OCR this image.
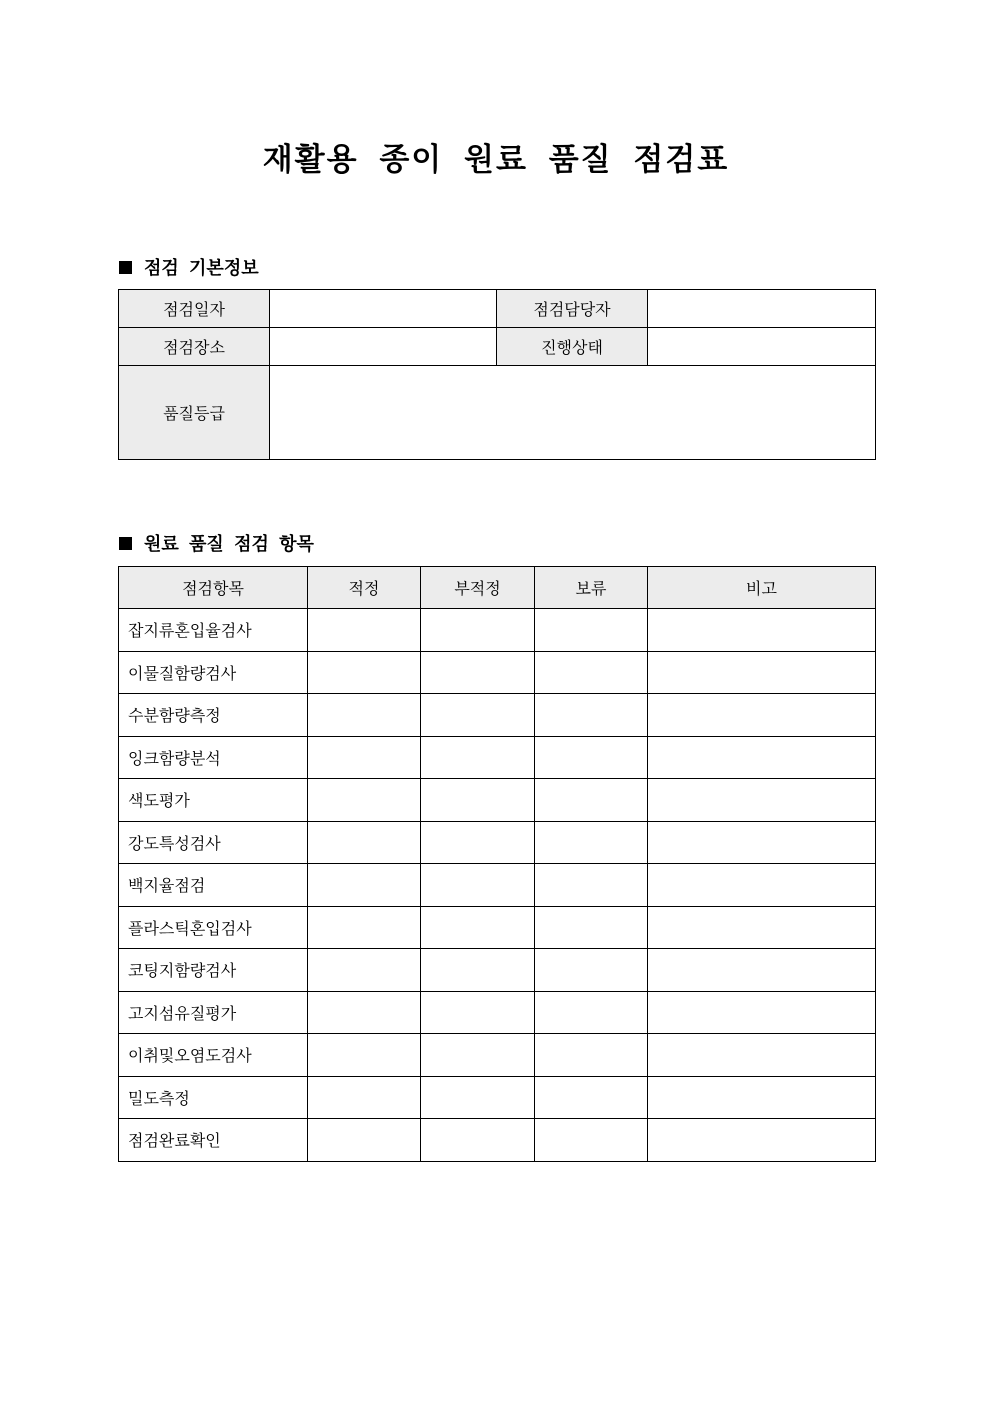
재활용 종이 원료 품질 점검표
점검 기본정보
점검일자		점검담당자	
점검장소		진행상태	
품질등급			
원료 품질 점검 항목
점검항목	적정	부적정	보류	비고
잡지류혼입율검사				
이물질함량검사				
수분함량측정				
잉크함량분석				
색도평가				
강도특성검사				
백지율점검				
플라스틱혼입검사				
코팅지함량검사				
고지섬유질평가				
이취및오염도검사				
밀도측정				
점검완료확인				
